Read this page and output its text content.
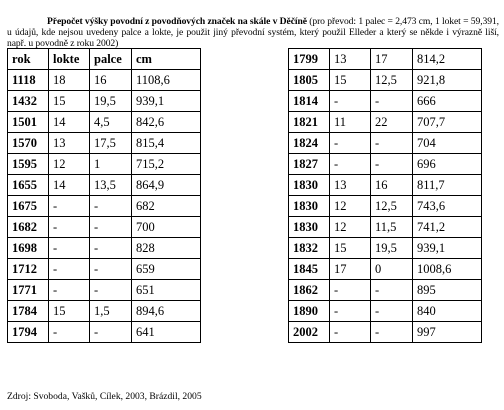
Přepočet výšky povodní z povodňových značek na skále v Děčíně (pro převod: 1 palec = 2,473 cm, 1 loket = 59,391, u údajů, kde nejsou uvedeny palce a lokte, je použit jiný převodní systém, který použil Elleder a který se někde i výrazně liší, např. u povodně z roku 2002)
rok	lokte	palce	cm
1118	18	16	1108,6
1432	15	19,5	939,1
1501	14	4,5	842,6
1570	13	17,5	815,4
1595	12	1	715,2
1655	14	13,5	864,9
1675	-	-	682
1682	-	-	700
1698	-	-	828
1712	-	-	659
1771	-	-	651
1784	15	1,5	894,6
1794	-	-	641
1799	13	17	814,2
1805	15	12,5	921,8
1814	-	-	666
1821	11	22	707,7
1824	-	-	704
1827	-	-	696
1830	13	16	811,7
1830	12	12,5	743,6
1830	12	11,5	741,2
1832	15	19,5	939,1
1845	17	0	1008,6
1862	-	-	895
1890	-	-	840
2002	-	-	997
Zdroj: Svoboda, Vašků, Cílek, 2003, Brázdil, 2005
